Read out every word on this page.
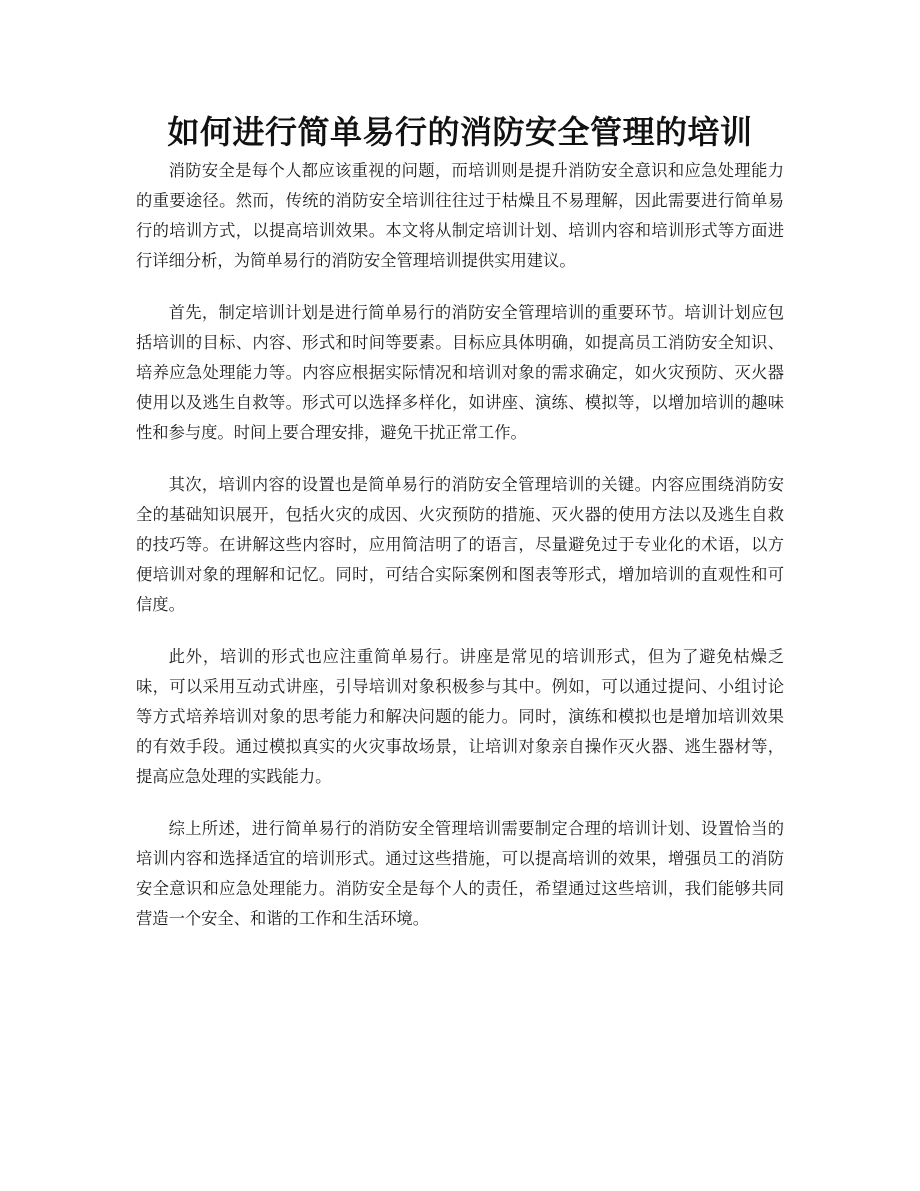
如何进行简单易行的消防安全管理的培训

消防安全是每个人都应该重视的问题，而培训则是提升消防安全意识和应急处理能力的重要途径。然而，传统的消防安全培训往往过于枯燥且不易理解，因此需要进行简单易行的培训方式，以提高培训效果。本文将从制定培训计划、培训内容和培训形式等方面进行详细分析，为简单易行的消防安全管理培训提供实用建议。

首先，制定培训计划是进行简单易行的消防安全管理培训的重要环节。培训计划应包括培训的目标、内容、形式和时间等要素。目标应具体明确，如提高员工消防安全知识、培养应急处理能力等。内容应根据实际情况和培训对象的需求确定，如火灾预防、灭火器使用以及逃生自救等。形式可以选择多样化，如讲座、演练、模拟等，以增加培训的趣味性和参与度。时间上要合理安排，避免干扰正常工作。

其次，培训内容的设置也是简单易行的消防安全管理培训的关键。内容应围绕消防安全的基础知识展开，包括火灾的成因、火灾预防的措施、灭火器的使用方法以及逃生自救的技巧等。在讲解这些内容时，应用简洁明了的语言，尽量避免过于专业化的术语，以方便培训对象的理解和记忆。同时，可结合实际案例和图表等形式，增加培训的直观性和可信度。

此外，培训的形式也应注重简单易行。讲座是常见的培训形式，但为了避免枯燥乏味，可以采用互动式讲座，引导培训对象积极参与其中。例如，可以通过提问、小组讨论等方式培养培训对象的思考能力和解决问题的能力。同时，演练和模拟也是增加培训效果的有效手段。通过模拟真实的火灾事故场景，让培训对象亲自操作灭火器、逃生器材等，提高应急处理的实践能力。

综上所述，进行简单易行的消防安全管理培训需要制定合理的培训计划、设置恰当的培训内容和选择适宜的培训形式。通过这些措施，可以提高培训的效果，增强员工的消防安全意识和应急处理能力。消防安全是每个人的责任，希望通过这些培训，我们能够共同营造一个安全、和谐的工作和生活环境。
